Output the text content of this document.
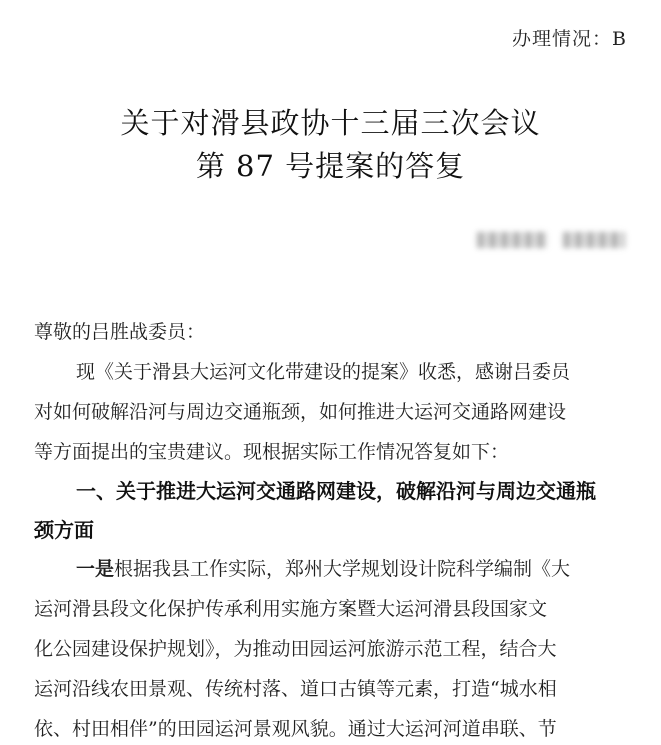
办理情况：B
关于对滑县政协十三届三次会议
第 87 号提案的答复
尊敬的吕胜战委员：
现《关于滑县大运河文化带建设的提案》收悉，感谢吕委员
对如何破解沿河与周边交通瓶颈，如何推进大运河交通路网建设
等方面提出的宝贵建议。现根据实际工作情况答复如下：
一、关于推进大运河交通路网建设，破解沿河与周边交通瓶
颈方面
一是根据我县工作实际，郑州大学规划设计院科学编制《大
运河滑县段文化保护传承利用实施方案暨大运河滑县段国家文
化公园建设保护规划》，为推动田园运河旅游示范工程，结合大
运河沿线农田景观、传统村落、道口古镇等元素，打造“城水相
依、村田相伴”的田园运河景观风貌。通过大运河河道串联、节
